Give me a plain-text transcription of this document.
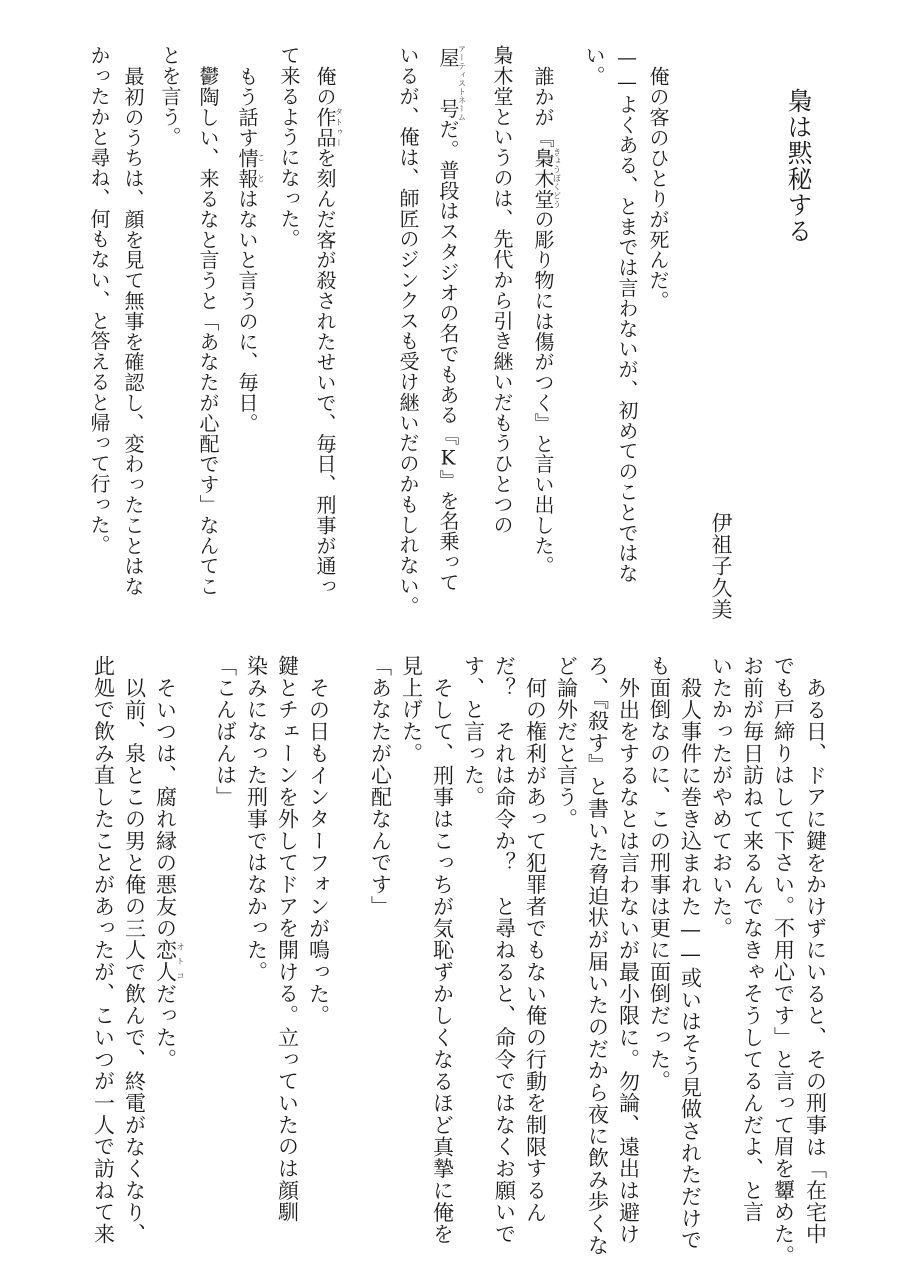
梟は黙秘する
伊祖子久美
俺の客のひとりが死んだ。
——よくある、とまでは言わないが、初めてのことではな
い。
誰かが『梟木堂きょうぼくどうの彫り物には傷がつく』と言い出した。
梟木堂というのは、先代から引き継いだもうひとつの
屋　号アーティストネームだ。普段はスタジオの名でもある『K』を名乗って
いるが、俺は、師匠のジンクスも受け継いだのかもしれない。
俺の作品タトゥーを刻んだ客が殺されたせいで、毎日、刑事が通っ
て来るようになった。
もう話す情報ことはないと言うのに、毎日。
鬱陶しい、来るなと言うと「あなたが心配です」なんてこ
とを言う。
最初のうちは、顔を見て無事を確認し、変わったことはな
かったかと尋ね、何もない、と答えると帰って行った。
ある日、ドアに鍵をかけずにいると、その刑事は「在宅中
でも戸締りはして下さい。不用心です」と言って眉を顰めた。
お前が毎日訪ねて来るんでなきゃそうしてるんだよ、と言
いたかったがやめておいた。
殺人事件に巻き込まれた——或いはそう見做されただけで
も面倒なのに、この刑事は更に面倒だった。
外出をするなとは言わないが最小限に。勿論、遠出は避け
ろ、『殺す』と書いた脅迫状が届いたのだから夜に飲み歩くな
ど論外だと言う。
何の権利があって犯罪者でもない俺の行動を制限するん
だ？　それは命令か？　と尋ねると、命令ではなくお願いで
す、と言った。
そして、刑事はこっちが気恥ずかしくなるほど真摯に俺を
見上げた。
「あなたが心配なんです」
その日もインターフォンが鳴った。
鍵とチェーンを外してドアを開ける。立っていたのは顔馴
染みになった刑事ではなかった。
「こんばんは」
そいつは、腐れ縁の悪友の恋人オトコだった。
以前、泉とこの男と俺の三人で飲んで、終電がなくなり、
此処で飲み直したことがあったが、こいつが一人で訪ねて来
